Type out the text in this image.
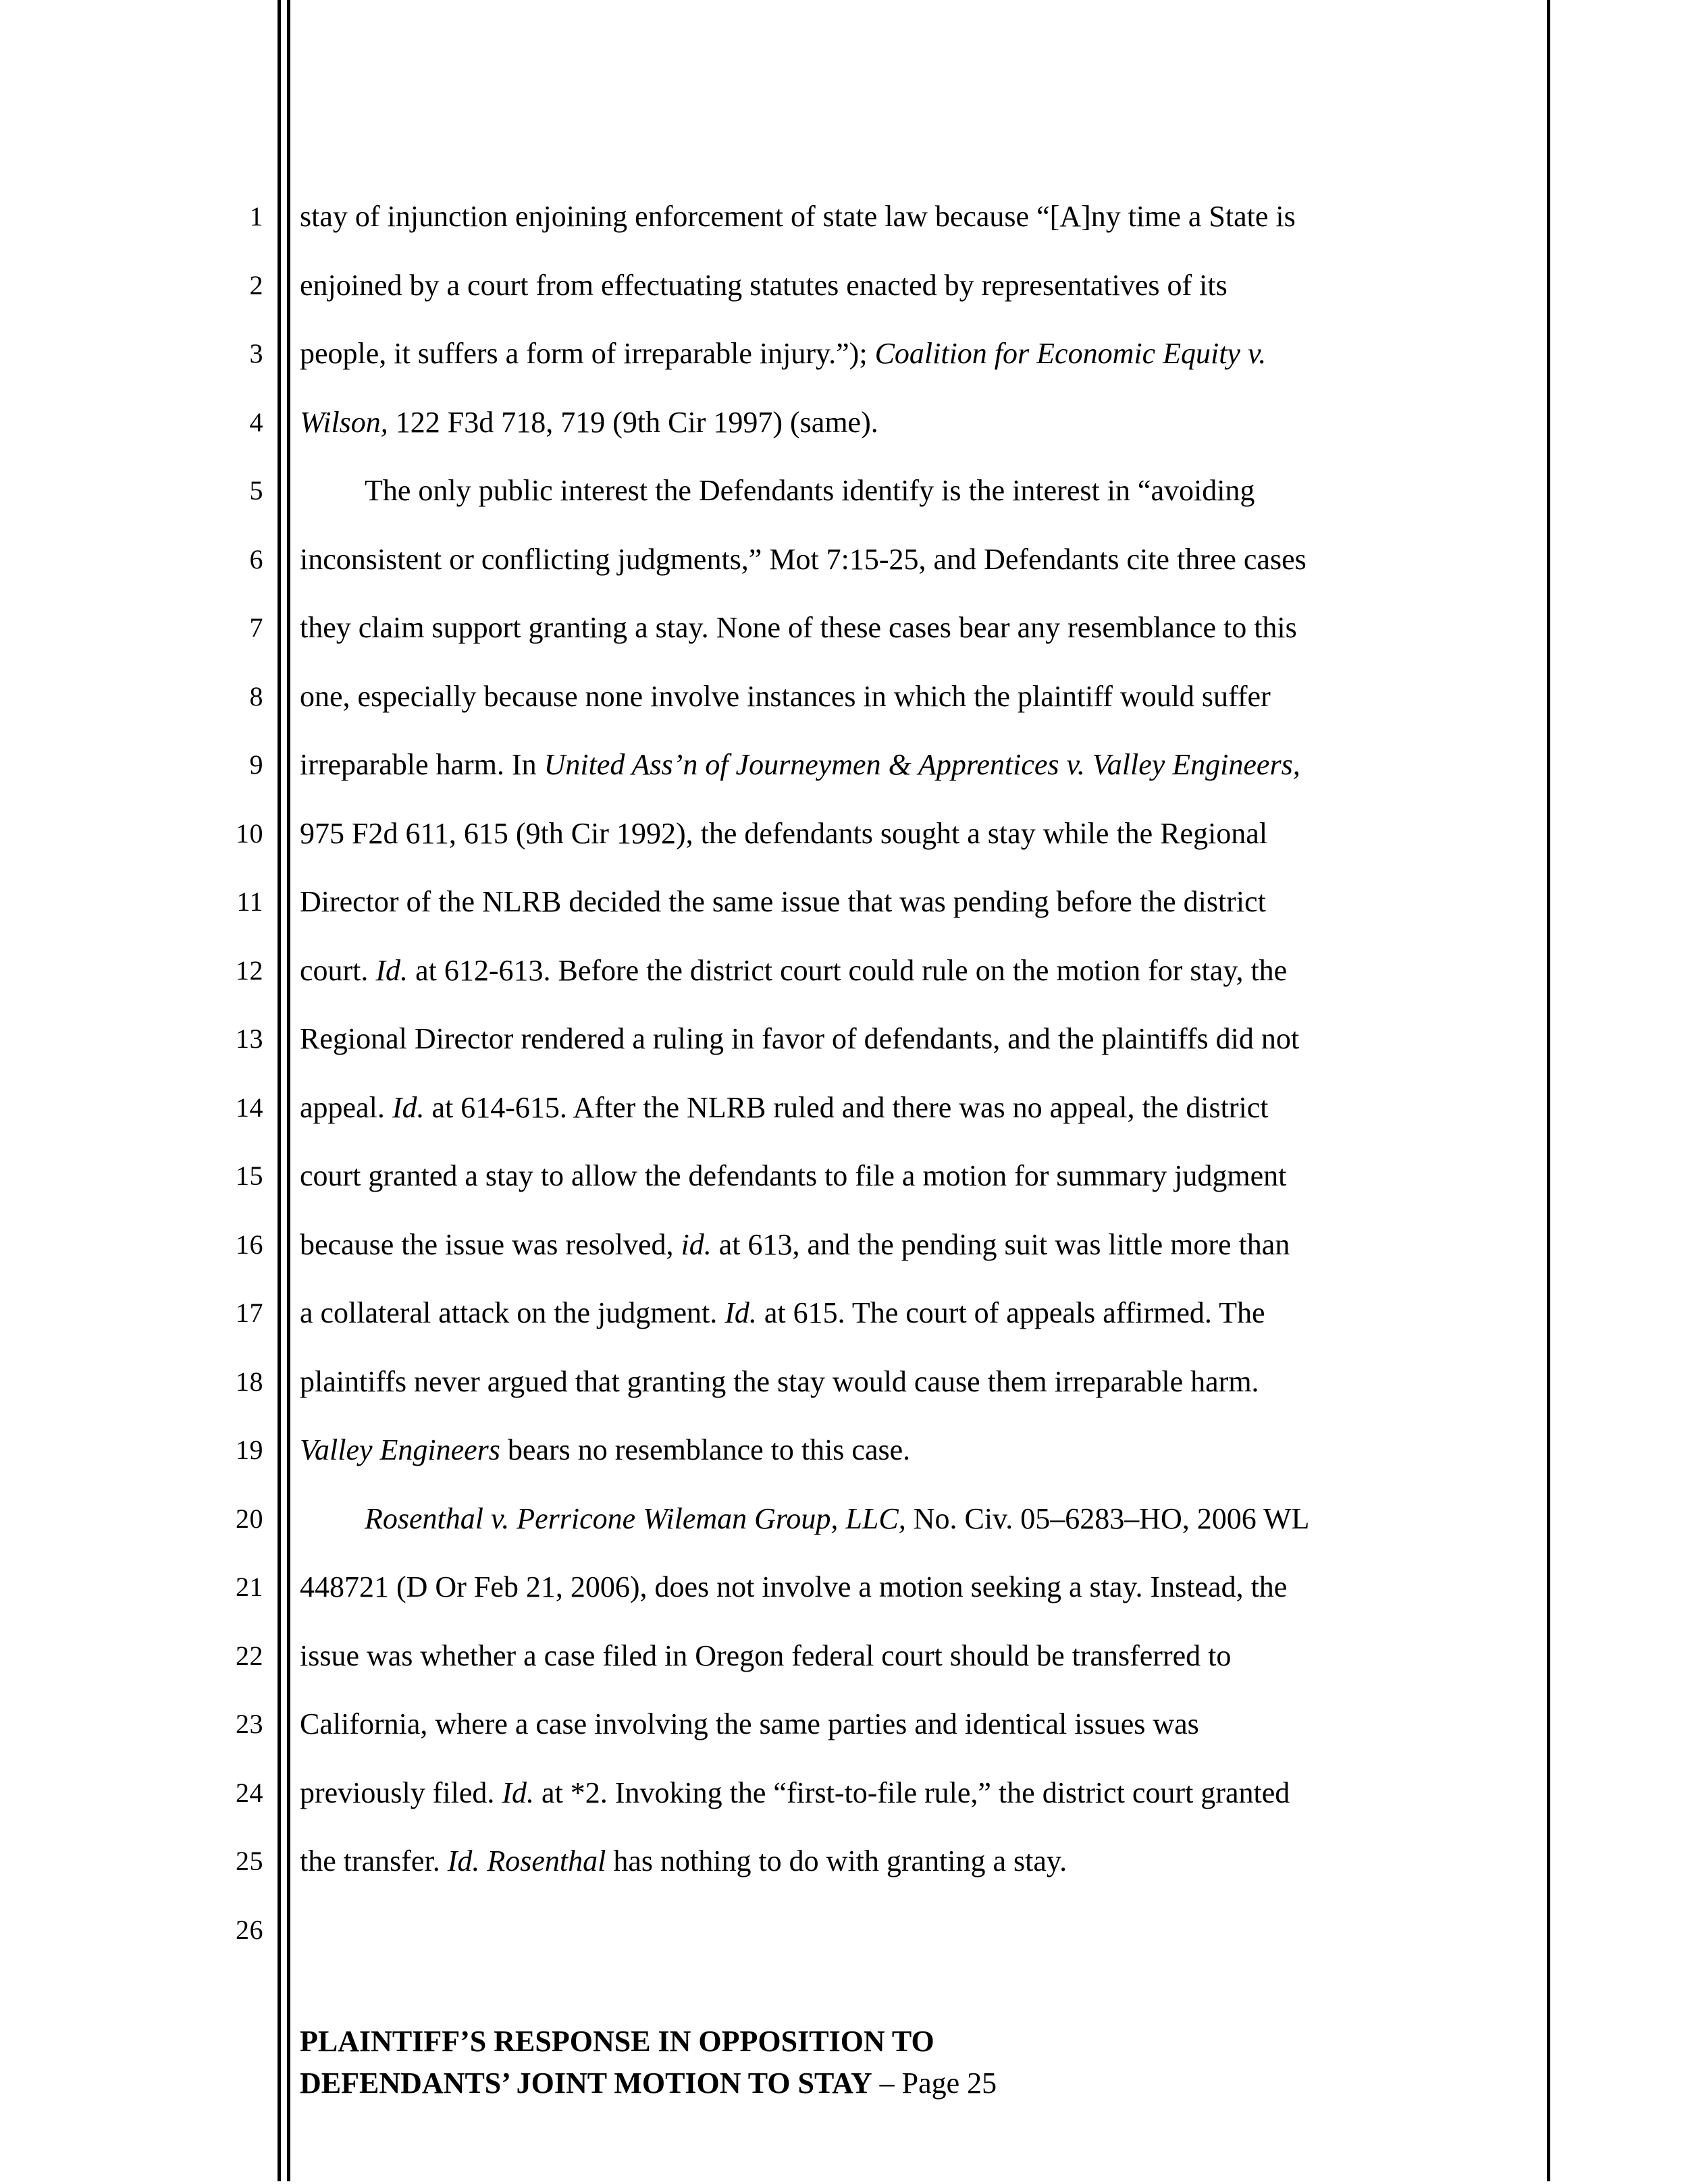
1
2
3
4
5
6
7
8
9
10
11
12
13
14
15
16
17
18
19
20
21
22
23
24
25
26
stay of injunction enjoining enforcement of state law because “[A]ny time a State is
enjoined by a court from effectuating statutes enacted by representatives of its
people, it suffers a form of irreparable injury.”); Coalition for Economic Equity v.
Wilson, 122 F3d 718, 719 (9th Cir 1997) (same).
The only public interest the Defendants identify is the interest in “avoiding
inconsistent or conflicting judgments,” Mot 7:15-25, and Defendants cite three cases
they claim support granting a stay. None of these cases bear any resemblance to this
one, especially because none involve instances in which the plaintiff would suffer
irreparable harm. In United Ass’n of Journeymen & Apprentices v. Valley Engineers,
975 F2d 611, 615 (9th Cir 1992), the defendants sought a stay while the Regional
Director of the NLRB decided the same issue that was pending before the district
court. Id. at 612-613. Before the district court could rule on the motion for stay, the
Regional Director rendered a ruling in favor of defendants, and the plaintiffs did not
appeal. Id. at 614-615. After the NLRB ruled and there was no appeal, the district
court granted a stay to allow the defendants to file a motion for summary judgment
because the issue was resolved, id. at 613, and the pending suit was little more than
a collateral attack on the judgment. Id. at 615. The court of appeals affirmed. The
plaintiffs never argued that granting the stay would cause them irreparable harm.
Valley Engineers bears no resemblance to this case.
Rosenthal v. Perricone Wileman Group, LLC, No. Civ. 05–6283–HO, 2006 WL
448721 (D Or Feb 21, 2006), does not involve a motion seeking a stay. Instead, the
issue was whether a case filed in Oregon federal court should be transferred to
California, where a case involving the same parties and identical issues was
previously filed. Id. at *2. Invoking the “first-to-file rule,” the district court granted
the transfer. Id. Rosenthal has nothing to do with granting a stay.

PLAINTIFF’S RESPONSE IN OPPOSITION TO
DEFENDANTS’ JOINT MOTION TO STAY – Page 25
